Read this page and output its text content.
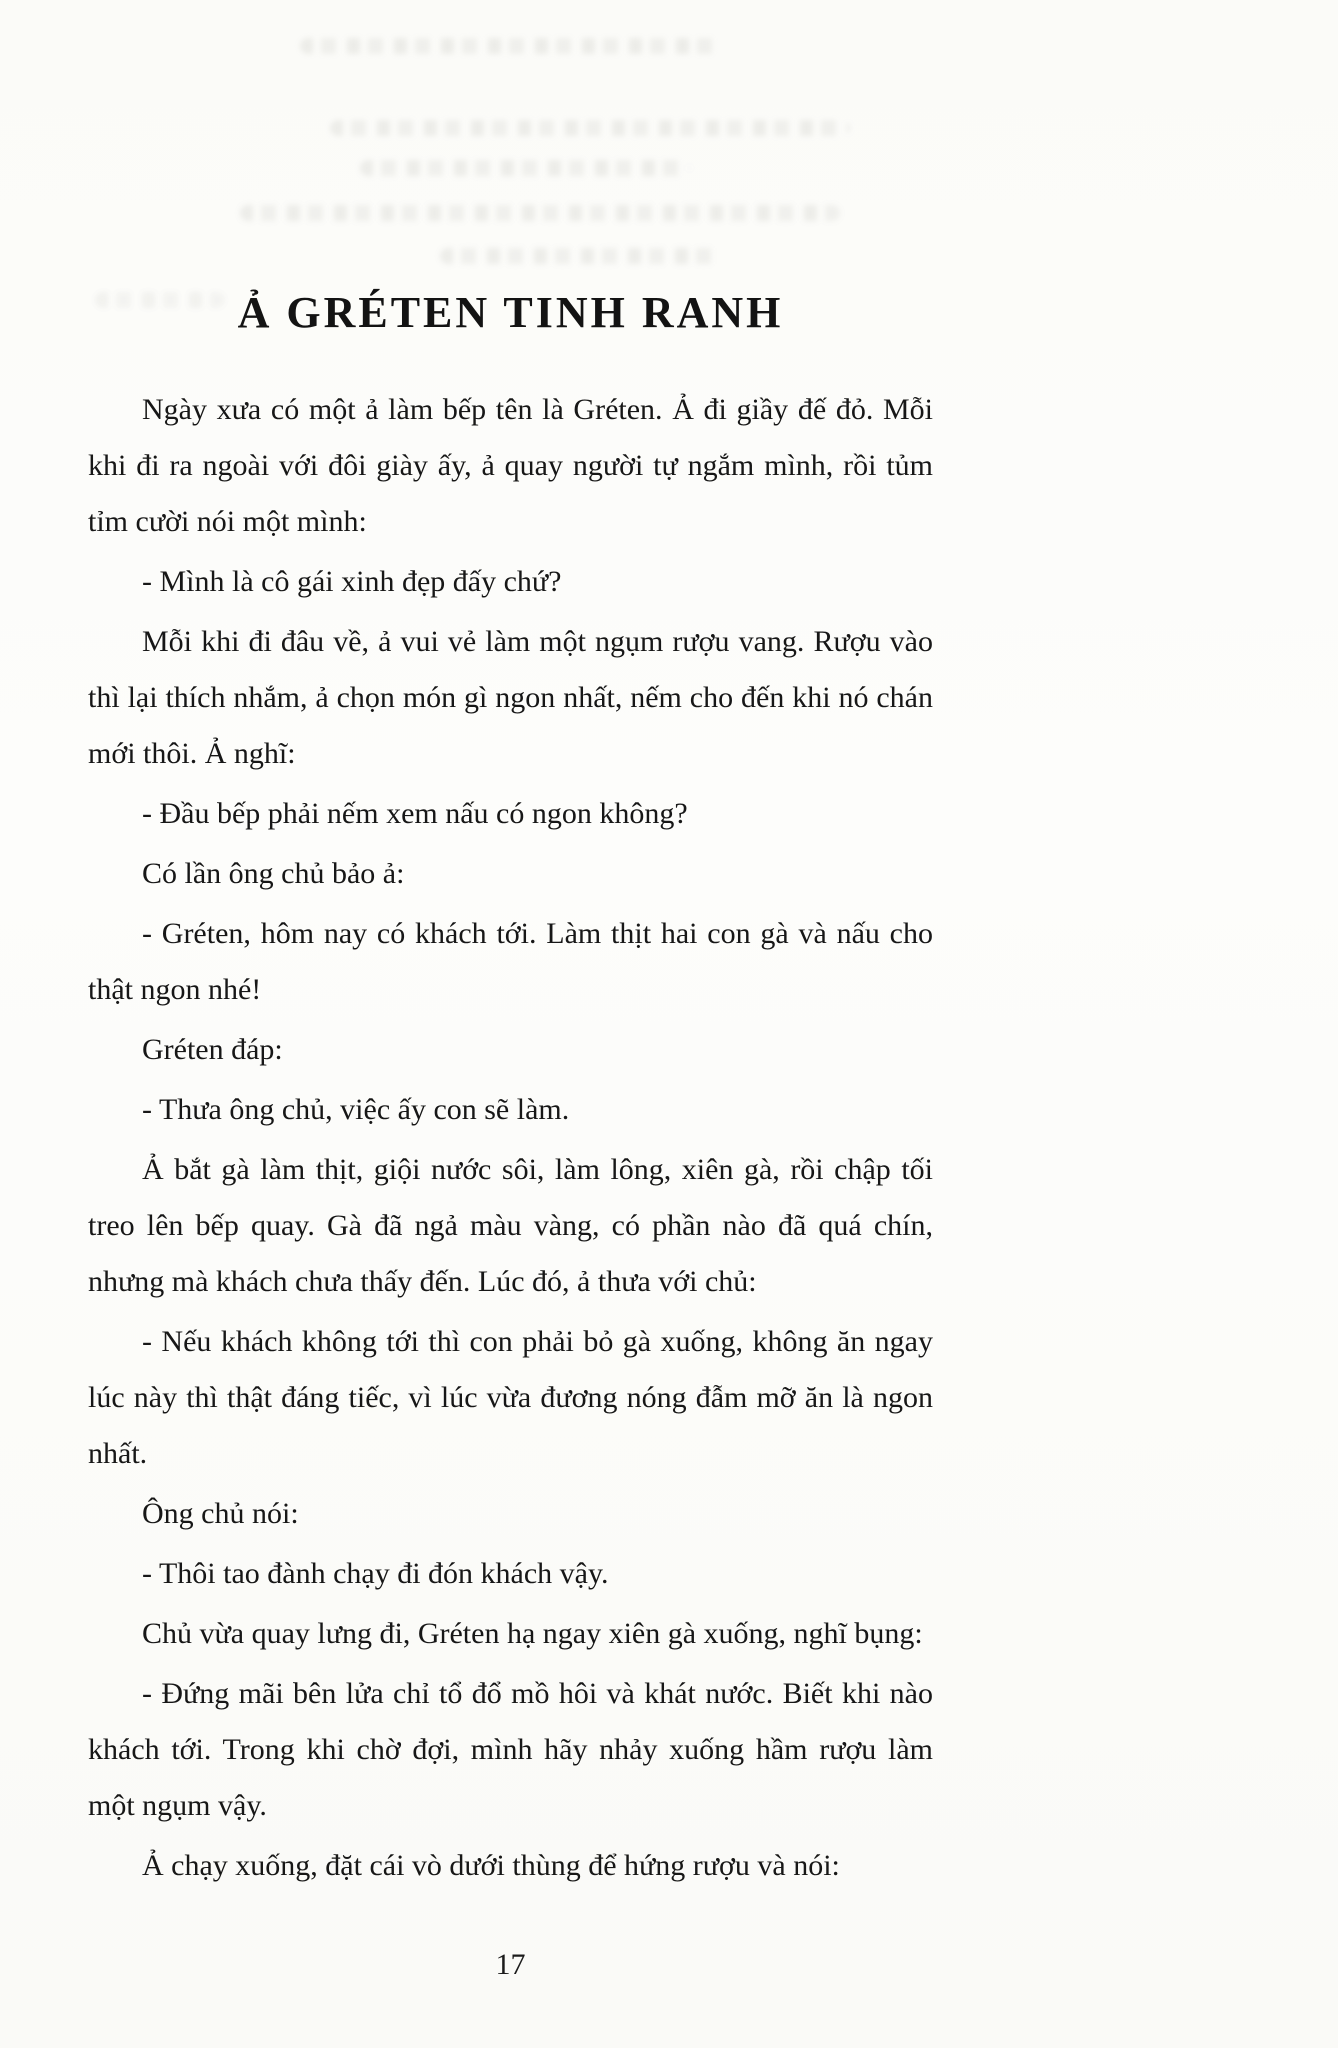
Ả GRÉTEN TINH RANH

Ngày xưa có một ả làm bếp tên là Gréten. Ả đi giầy đế đỏ. Mỗi khi đi ra ngoài với đôi giày ấy, ả quay người tự ngắm mình, rồi tủm tỉm cười nói một mình:

- Mình là cô gái xinh đẹp đấy chứ?

Mỗi khi đi đâu về, ả vui vẻ làm một ngụm rượu vang. Rượu vào thì lại thích nhắm, ả chọn món gì ngon nhất, nếm cho đến khi nó chán mới thôi. Ả nghĩ:

- Đầu bếp phải nếm xem nấu có ngon không?

Có lần ông chủ bảo ả:

- Gréten, hôm nay có khách tới. Làm thịt hai con gà và nấu cho thật ngon nhé!

Gréten đáp:

- Thưa ông chủ, việc ấy con sẽ làm.

Ả bắt gà làm thịt, giội nước sôi, làm lông, xiên gà, rồi chập tối treo lên bếp quay. Gà đã ngả màu vàng, có phần nào đã quá chín, nhưng mà khách chưa thấy đến. Lúc đó, ả thưa với chủ:

- Nếu khách không tới thì con phải bỏ gà xuống, không ăn ngay lúc này thì thật đáng tiếc, vì lúc vừa đương nóng đẫm mỡ ăn là ngon nhất.

Ông chủ nói:

- Thôi tao đành chạy đi đón khách vậy.

Chủ vừa quay lưng đi, Gréten hạ ngay xiên gà xuống, nghĩ bụng:

- Đứng mãi bên lửa chỉ tổ đổ mồ hôi và khát nước. Biết khi nào khách tới. Trong khi chờ đợi, mình hãy nhảy xuống hầm rượu làm một ngụm vậy.

Ả chạy xuống, đặt cái vò dưới thùng để hứng rượu và nói:

17
